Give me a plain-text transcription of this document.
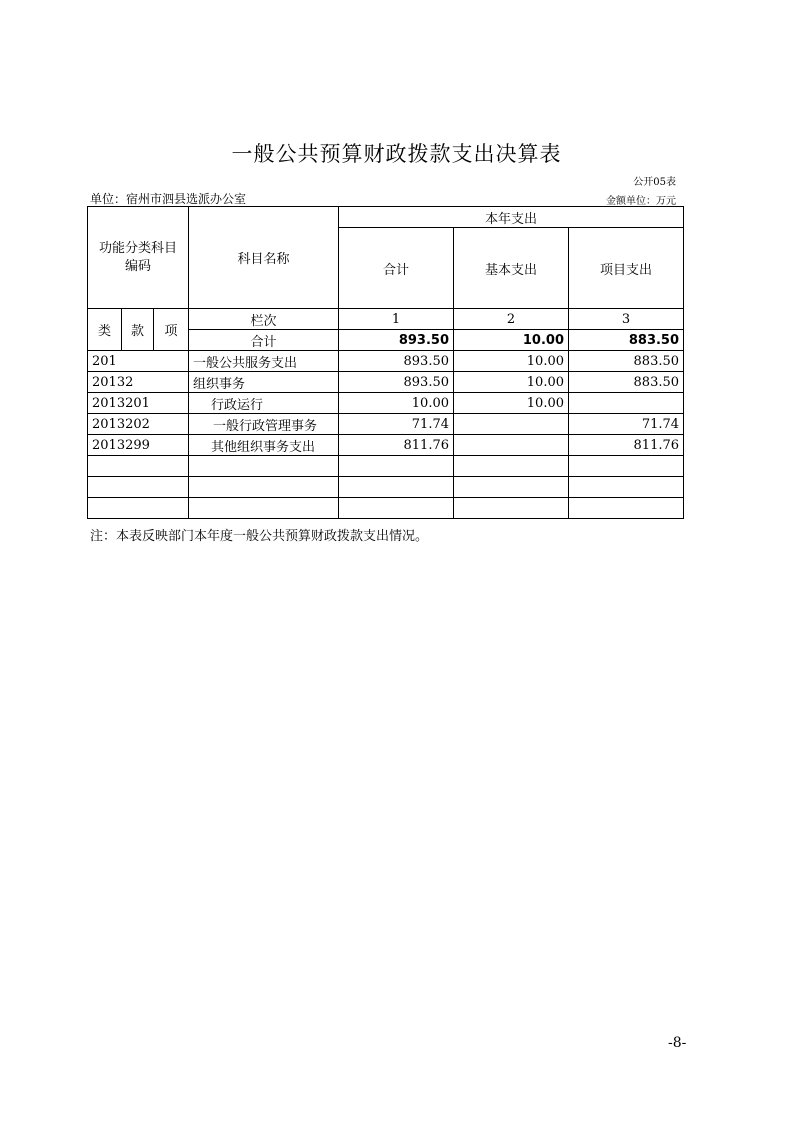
一般公共预算财政拨款支出决算表
公开05表
单位：宿州市泗县选派办公室	金额单位：万元
功能分类科目编码			科目名称	本年支出		
				合计	基本支出	项目支出
类	款	项	栏次	1	2	3
			合计	893.50	10.00	883.50
201			一般公共服务支出	893.50	10.00	883.50
20132			组织事务	893.50	10.00	883.50
2013201			行政运行	10.00	10.00	
2013202			一般行政管理事务	71.74		71.74
2013299			其他组织事务支出	811.76		811.76

注：本表反映部门本年度一般公共预算财政拨款支出情况。
-8-
